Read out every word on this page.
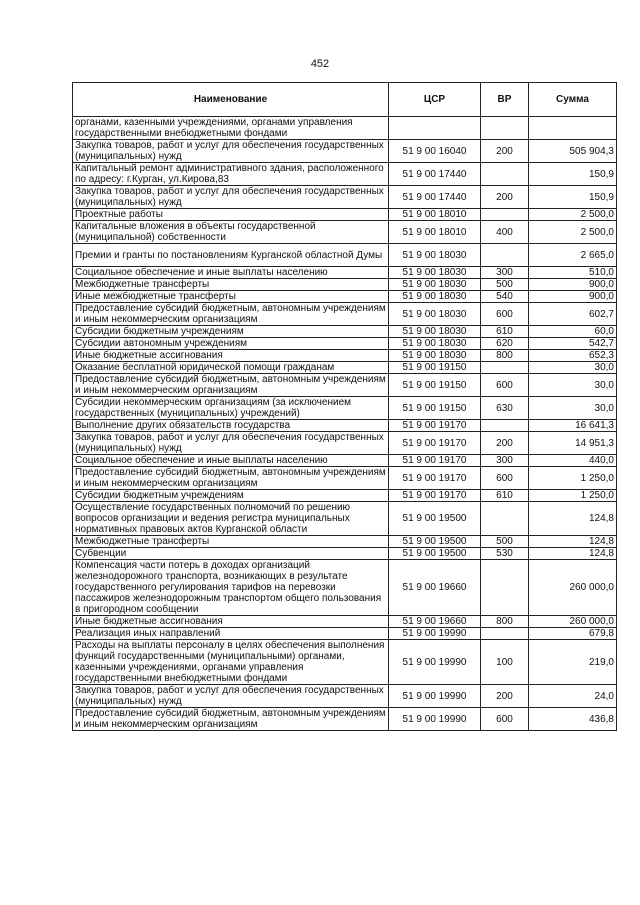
452
Наименование	ЦСР	ВР	Сумма
органами, казенными учреждениями, органами управления государственными внебюджетными фондами			
Закупка товаров, работ и услуг для обеспечения государственных (муниципальных) нужд	51 9 00 16040	200	505 904,3
Капитальный ремонт административного здания, расположенного по адресу: г.Курган, ул.Кирова,83	51 9 00 17440		150,9
Закупка товаров, работ и услуг для обеспечения государственных (муниципальных) нужд	51 9 00 17440	200	150,9
Проектные работы	51 9 00 18010		2 500,0
Капитальные вложения в объекты государственной (муниципальной) собственности	51 9 00 18010	400	2 500,0
Премии и гранты по постановлениям Курганской областной Думы	51 9 00 18030		2 665,0
Социальное обеспечение и иные выплаты населению	51 9 00 18030	300	510,0
Межбюджетные трансферты	51 9 00 18030	500	900,0
Иные межбюджетные трансферты	51 9 00 18030	540	900,0
Предоставление субсидий бюджетным, автономным учреждениям и иным некоммерческим организациям	51 9 00 18030	600	602,7
Субсидии бюджетным учреждениям	51 9 00 18030	610	60,0
Субсидии автономным учреждениям	51 9 00 18030	620	542,7
Иные бюджетные ассигнования	51 9 00 18030	800	652,3
Оказание бесплатной юридической помощи гражданам	51 9 00 19150		30,0
Предоставление субсидий бюджетным, автономным учреждениям и иным некоммерческим организациям	51 9 00 19150	600	30,0
Субсидии некоммерческим организациям (за исключением государственных (муниципальных) учреждений)	51 9 00 19150	630	30,0
Выполнение других обязательств государства	51 9 00 19170		16 641,3
Закупка товаров, работ и услуг для обеспечения государственных (муниципальных) нужд	51 9 00 19170	200	14 951,3
Социальное обеспечение и иные выплаты населению	51 9 00 19170	300	440,0
Предоставление субсидий бюджетным, автономным учреждениям и иным некоммерческим организациям	51 9 00 19170	600	1 250,0
Субсидии бюджетным учреждениям	51 9 00 19170	610	1 250,0
Осуществление государственных полномочий по решению вопросов организации и ведения регистра муниципальных нормативных правовых актов Курганской области	51 9 00 19500		124,8
Межбюджетные трансферты	51 9 00 19500	500	124,8
Субвенции	51 9 00 19500	530	124,8
Компенсация части потерь в доходах организаций железнодорожного транспорта, возникающих в результате государственного регулирования тарифов на перевозки пассажиров железнодорожным транспортом общего пользования в пригородном сообщении	51 9 00 19660		260 000,0
Иные бюджетные ассигнования	51 9 00 19660	800	260 000,0
Реализация иных направлений	51 9 00 19990		679,8
Расходы на выплаты персоналу в целях обеспечения выполнения функций государственными (муниципальными) органами, казенными учреждениями, органами управления государственными внебюджетными фондами	51 9 00 19990	100	219,0
Закупка товаров, работ и услуг для обеспечения государственных (муниципальных) нужд	51 9 00 19990	200	24,0
Предоставление субсидий бюджетным, автономным учреждениям и иным некоммерческим организациям	51 9 00 19990	600	436,8
